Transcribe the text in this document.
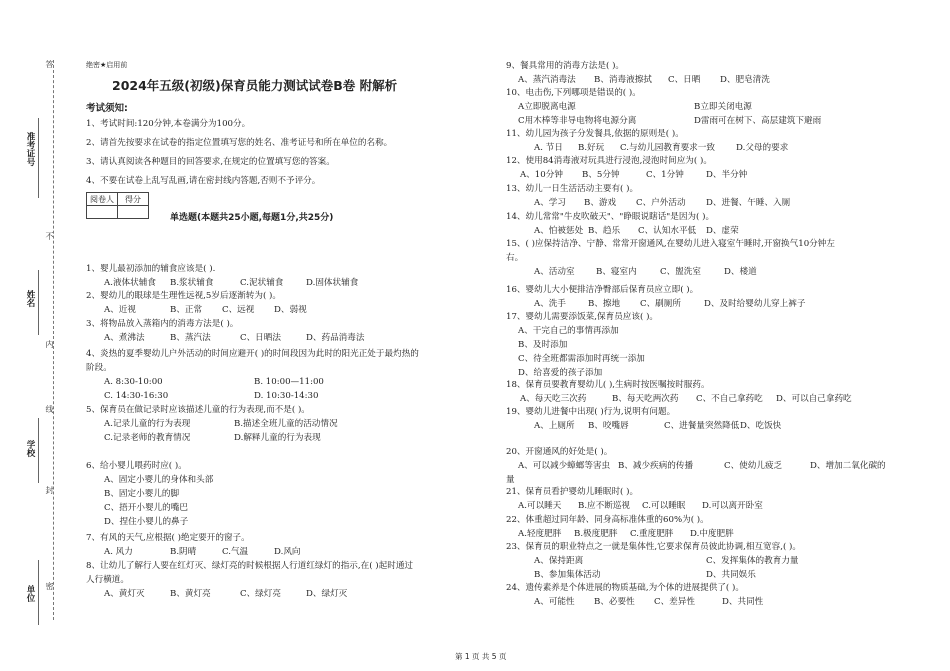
答
不
内
线
封
密
准考证号
姓名
学校
单位
绝密★启用前
2024年五级(初级)保育员能力测试试卷B卷 附解析
考试须知:
1、考试时间:120分钟,本卷满分为100分。
2、请首先按要求在试卷的指定位置填写您的姓名、准考证号和所在单位的名称。
3、请认真阅读各种题目的回答要求,在规定的位置填写您的答案。
4、不要在试卷上乱写乱画,请在密封线内答题,否则不予评分。
阅卷人	得分

单选题(本题共25小题,每题1分,共25分)
1、婴儿最初添加的辅食应该是( ).
A.液体状辅食 B.浆状辅食	C.泥状辅食	D.固体状辅食
2、婴幼儿的眼球是生理性远视,5岁后逐渐转为( )。
A、近视	B、正常 C、远视 D、弱视
3、将物品放入蒸箱内的消毒方法是( )。
A、煮沸法	B、蒸汽法	C、日晒法	D、药品消毒法
4、炎热的夏季婴幼儿户外活动的时间应避开( )的时间段因为此时的阳光正处于最灼热的
阶段。
A. 8:30-10:00	B. 10:00—11:00
C. 14:30-16:30	D. 10:30-14:30
5、保育员在做记录时应该描述儿童的行为表现,而不是( )。
A.记录儿童的行为表现	B.描述全班儿童的活动情况
C.记录老师的教育情况	D.解释儿童的行为表现
6、给小婴儿喂药时应( )。
A、固定小婴儿的身体和头部
B、固定小婴儿的脚
C、捂开小婴儿的嘴巴
D、捏住小婴儿的鼻子
7、有风的天气,应根据( )绝定要开的窗子。
A. 风力	B.阴晴	C.气温	D.风向
8、让幼儿了解行人要在红灯灭、绿灯亮的时候根据人行道红绿灯的指示,在( )起时通过
人行横道。
A、黄灯灭	B、黄灯亮	C、绿灯亮	D、绿灯灭
9、餐具常用的消毒方法是( )。
A、蒸汽消毒法 B、消毒液擦拭 C、日晒 D、肥皂清洗
10、电击伤,下列哪项是错误的( )。
A立即脱离电源	B立即关闭电源
C用木棒等非导电物将电源分离	D雷雨可在树下、高层建筑下避雨
11、幼儿园为孩子分发餐具,依据的原则是( )。
A. 节日 B.好玩 C.与幼儿园教育要求一致 D.父母的要求
12、使用84消毒液对玩具进行浸泡,浸泡时间应为( )。
A、10分钟 B、5分钟	C、1分钟	D、半分钟
13、幼儿一日生活活动主要有( )。
A、学习 B、游戏 C、户外活动 D、进餐、午睡、入厕
14、幼儿常常"牛皮吹破天"、"睁眼说瞎话"是因为( )。
A、怕被惩处 B、趋乐 C、认知水平低 D、虚荣
15、( )应保持洁净、宁静、常常开窗通风,在婴幼儿进入寝室午睡时,开窗换气10分钟左
右。
A、活动室 B、寝室内	C、盥洗室	D、楼道
16、婴幼儿大小便排洁净臀部后保育员应立即( )。
A、洗手	B、擦地 C、刷厕所	D、及时给婴幼儿穿上裤子
17、婴幼儿需要添饭菜,保育员应该( )。
A、干完自己的事情再添加
B、及时添加
C、待全班都需添加时再统一添加
D、给喜爱的孩子添加
18、保育员要教育婴幼儿( ),生病时按医嘱按时服药。
A、每天吃三次药	B、每天吃两次药 C、不自己拿药吃 D、可以自己拿药吃
19、婴幼儿进餐中出现( )行为,说明有问题。
A、上厕所 B、咬嘴唇	C、进餐量突然降低 D、吃饭快
20、开窗通风的好处是( )。
A、可以减少蟑螂等害虫 B、减少疾病的传播	C、使幼儿疲乏	D、增加二氧化碳的
量
21、保育员看护婴幼儿睡眠时( )。
A.可以睡天 B.应不断巡视 C.可以睡眠 D.可以离开卧室
22、体重超过同年龄、同身高标准体重的60%为( )。
A.轻度肥胖 B.极度肥胖 C.重度肥胖 D.中度肥胖
23、保育员的职业特点之一就是集体性,它要求保育员彼此协调,相互宽容,( )。
A、保持距离
B、参加集体活动
C、发挥集体的教育力量
D、共同娱乐
24、遗传素养是个体进展的物质基础,为个体的进展提供了( )。
A、可能性 B、必要性 C、差异性	D、共同性
第 1 页 共 5 页
